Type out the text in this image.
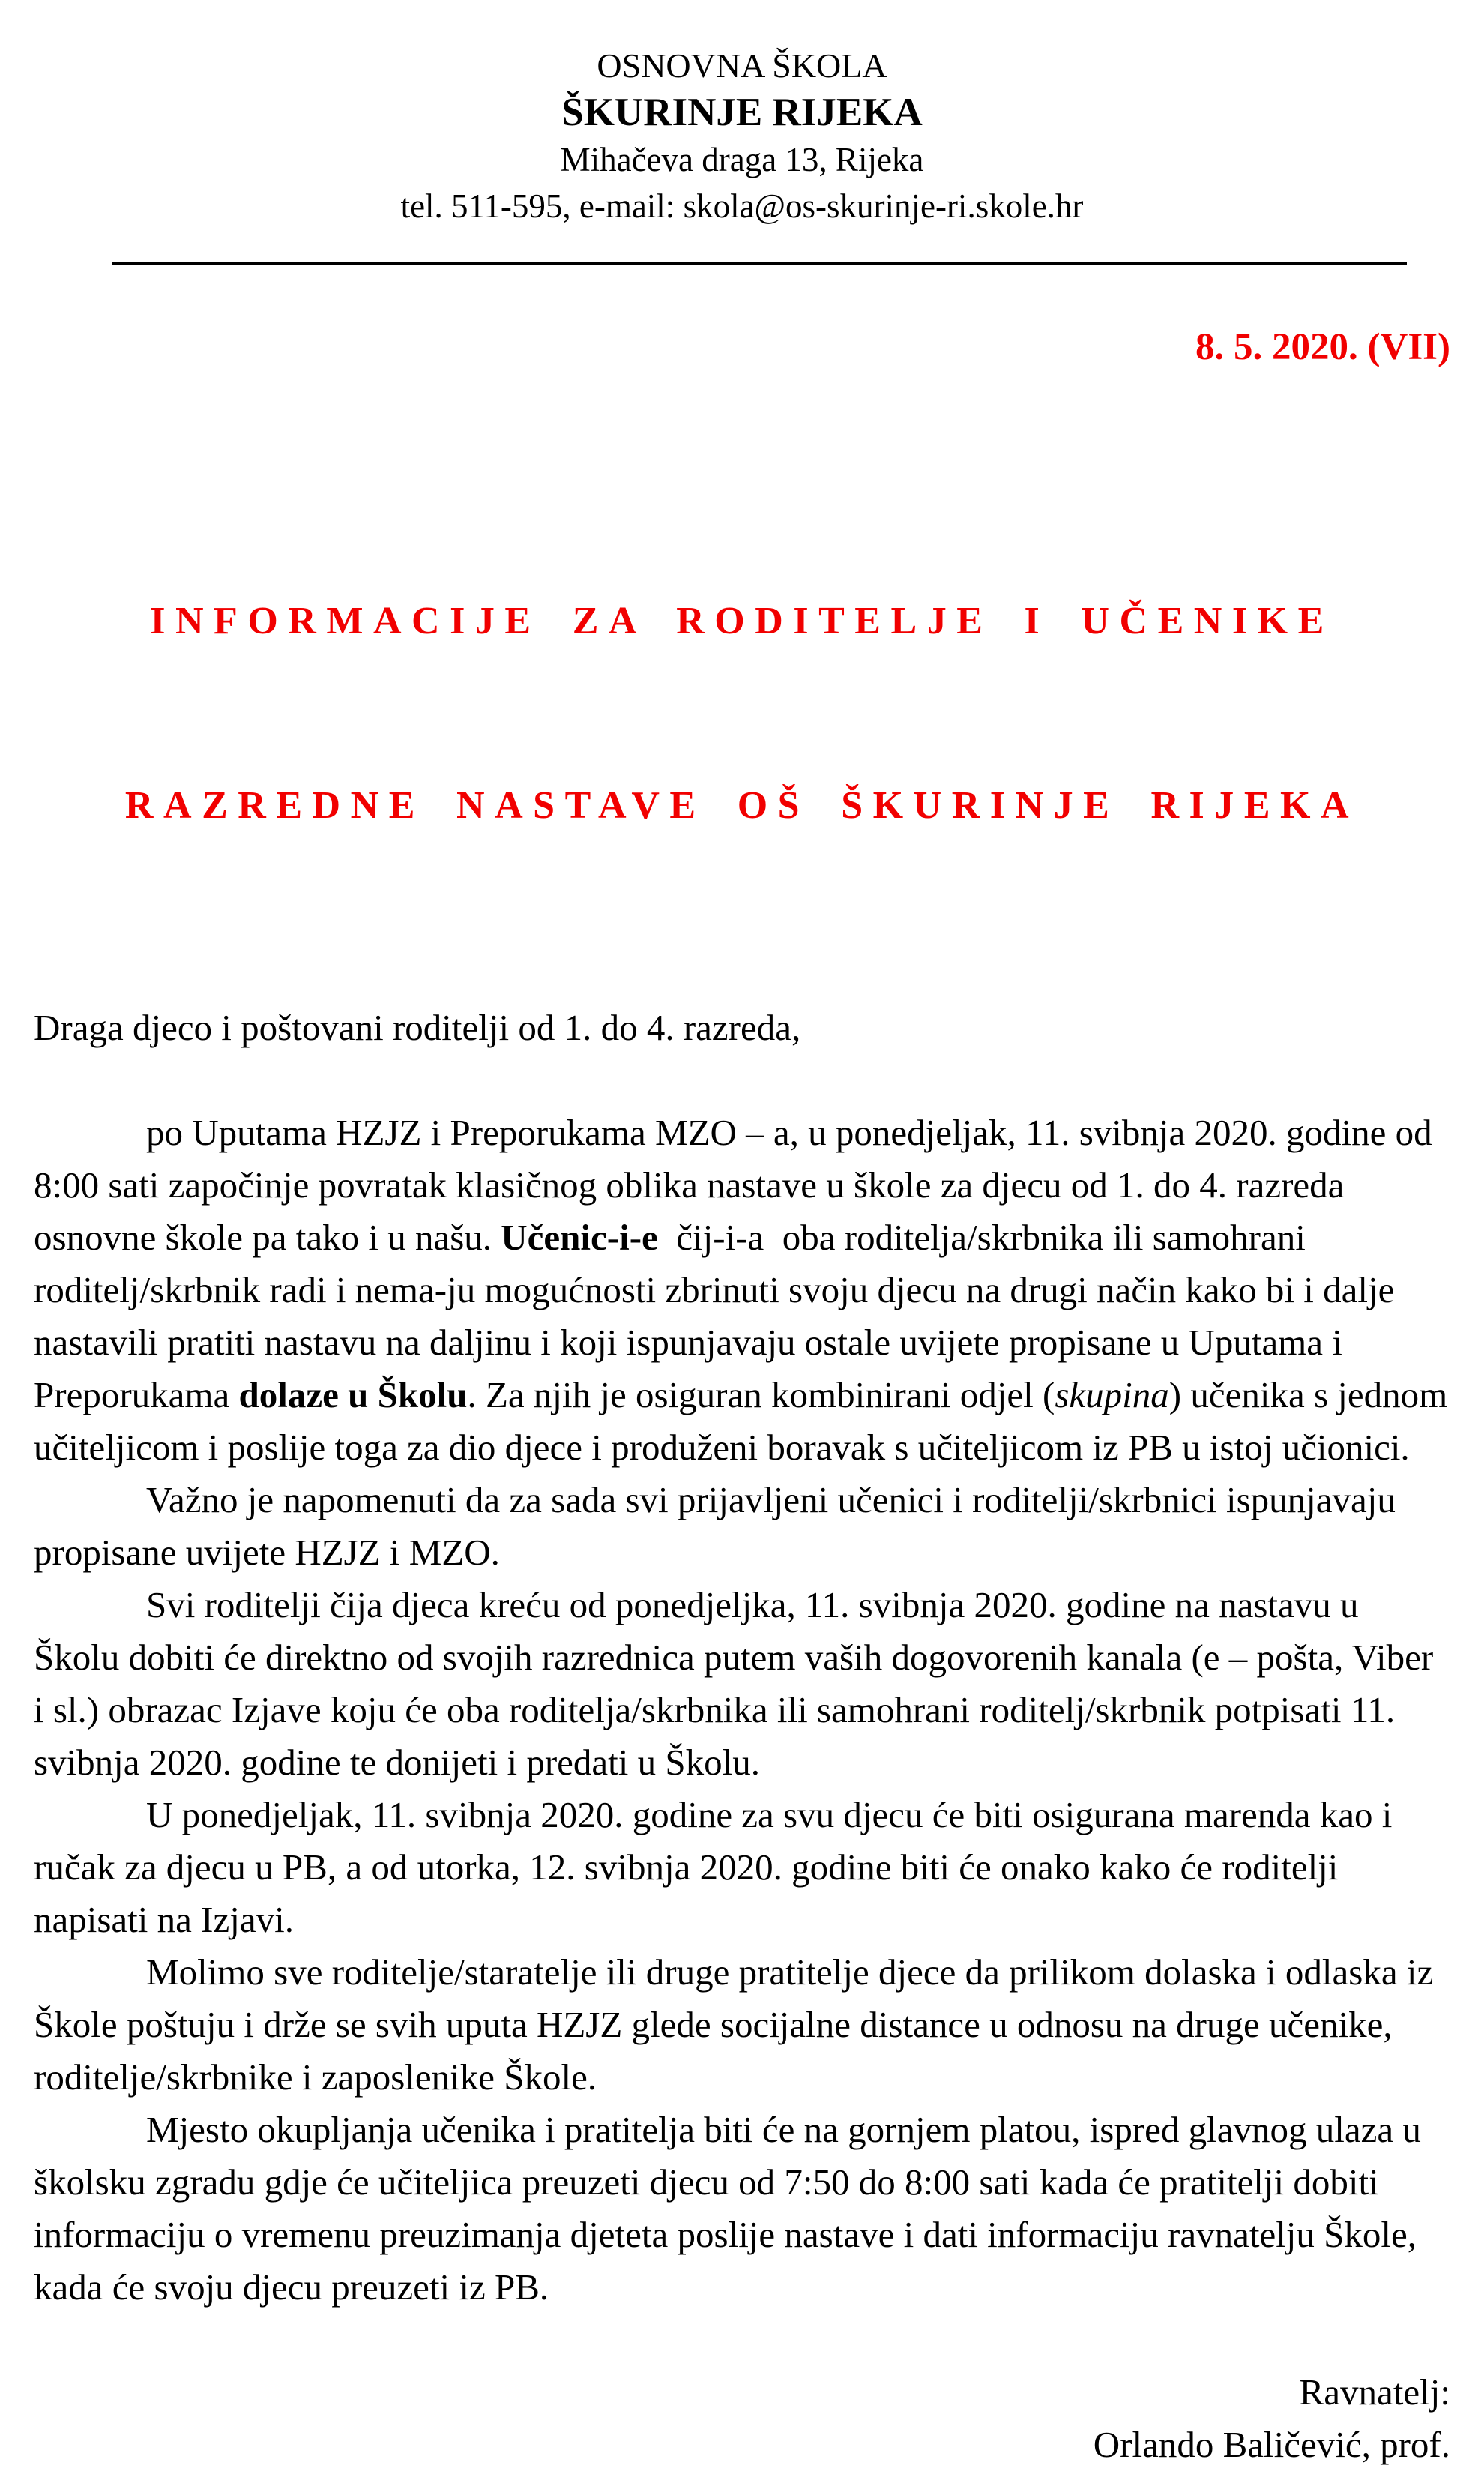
OSNOVNA ŠKOLA
ŠKURINJE RIJEKA
Mihačeva draga 13, Rijeka
tel. 511-595, e-mail: skola@os-skurinje-ri.skole.hr
8. 5. 2020. (VII)

INFORMACIJE ZA RODITELJE I UČENIKE

RAZREDNE NASTAVE OŠ ŠKURINJE RIJEKA

Draga djeco i poštovani roditelji od 1. do 4. razreda,

po Uputama HZJZ i Preporukama MZO – a, u ponedjeljak, 11. svibnja 2020. godine od 8:00 sati započinje povratak klasičnog oblika nastave u škole za djecu od 1. do 4. razreda osnovne škole pa tako i u našu. Učenic-i-e  čij-i-a  oba roditelja/skrbnika ili samohrani roditelj/skrbnik radi i nema-ju mogućnosti zbrinuti svoju djecu na drugi način kako bi i dalje nastavili pratiti nastavu na daljinu i koji ispunjavaju ostale uvijete propisane u Uputama i Preporukama dolaze u Školu. Za njih je osiguran kombinirani odjel (skupina) učenika s jednom učiteljicom i poslije toga za dio djece i produženi boravak s učiteljicom iz PB u istoj učionici.

Važno je napomenuti da za sada svi prijavljeni učenici i roditelji/skrbnici ispunjavaju propisane uvijete HZJZ i MZO.

Svi roditelji čija djeca kreću od ponedjeljka, 11. svibnja 2020. godine na nastavu u Školu dobiti će direktno od svojih razrednica putem vaših dogovorenih kanala (e – pošta, Viber i sl.) obrazac Izjave koju će oba roditelja/skrbnika ili samohrani roditelj/skrbnik potpisati 11. svibnja 2020. godine te donijeti i predati u Školu.

U ponedjeljak, 11. svibnja 2020. godine za svu djecu će biti osigurana marenda kao i ručak za djecu u PB, a od utorka, 12. svibnja 2020. godine biti će onako kako će roditelji napisati na Izjavi.

Molimo sve roditelje/staratelje ili druge pratitelje djece da prilikom dolaska i odlaska iz Škole poštuju i drže se svih uputa HZJZ glede socijalne distance u odnosu na druge učenike, roditelje/skrbnike i zaposlenike Škole.

Mjesto okupljanja učenika i pratitelja biti će na gornjem platou, ispred glavnog ulaza u školsku zgradu gdje će učiteljica preuzeti djecu od 7:50 do 8:00 sati kada će pratitelji dobiti informaciju o vremenu preuzimanja djeteta poslije nastave i dati informaciju ravnatelju Škole, kada će svoju djecu preuzeti iz PB.

Ravnatelj:
Orlando Baličević, prof.
